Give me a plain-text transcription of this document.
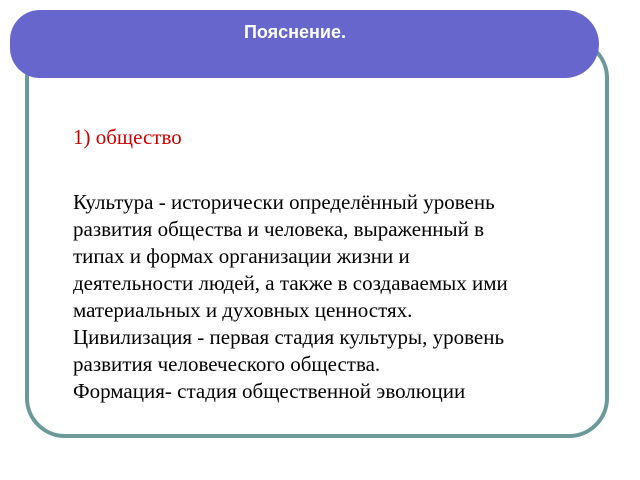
Пояснение.
1) общество
Культура - исторически определённый уровень
развития общества и человека, выраженный в
типах и формах организации жизни и
деятельности людей, а также в создаваемых ими
материальных и духовных ценностях.
Цивилизация - первая стадия культуры, уровень
развития человеческого общества.
Формация- стадия общественной эволюции
